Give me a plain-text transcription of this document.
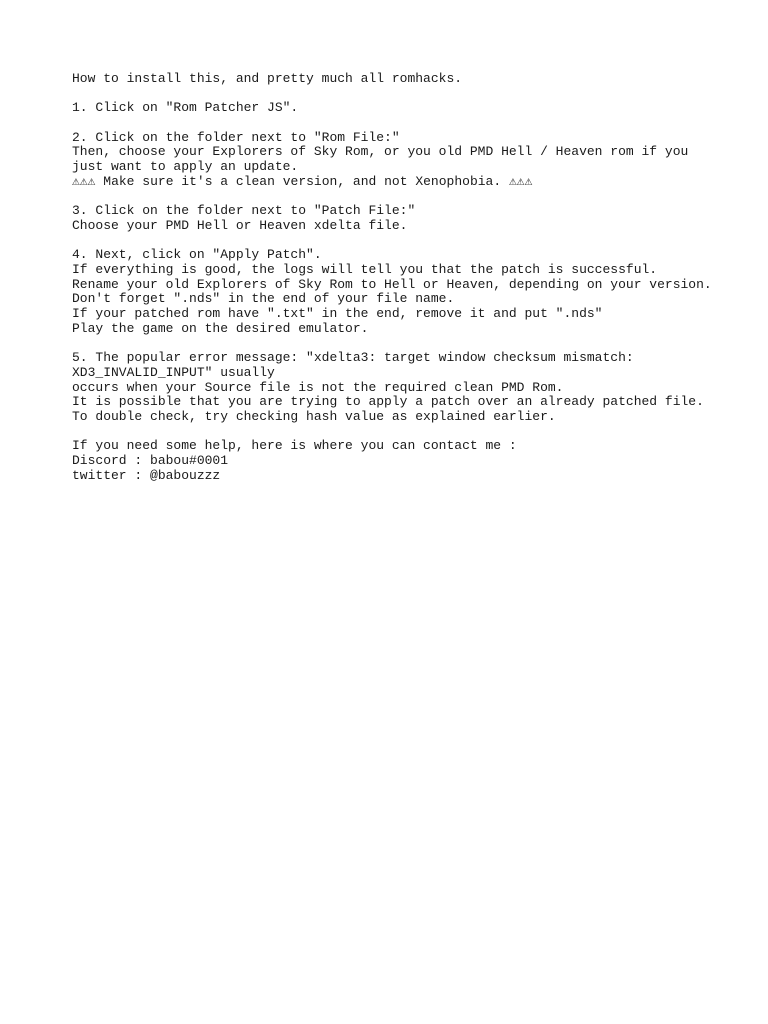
How to install this, and pretty much all romhacks.
1. Click on "Rom Patcher JS".
2. Click on the folder next to "Rom File:"
Then, choose your Explorers of Sky Rom, or you old PMD Hell / Heaven rom if you
just want to apply an update.
⚠⚠⚠ Make sure it's a clean version, and not Xenophobia. ⚠⚠⚠
3. Click on the folder next to "Patch File:"
Choose your PMD Hell or Heaven xdelta file.
4. Next, click on "Apply Patch".
If everything is good, the logs will tell you that the patch is successful.
Rename your old Explorers of Sky Rom to Hell or Heaven, depending on your version.
Don't forget ".nds" in the end of your file name.
If your patched rom have ".txt" in the end, remove it and put ".nds"
Play the game on the desired emulator.
5. The popular error message: "xdelta3: target window checksum mismatch:
XD3_INVALID_INPUT" usually
occurs when your Source file is not the required clean PMD Rom.
It is possible that you are trying to apply a patch over an already patched file.
To double check, try checking hash value as explained earlier.
If you need some help, here is where you can contact me :
Discord : babou#0001
twitter : @babouzzz
